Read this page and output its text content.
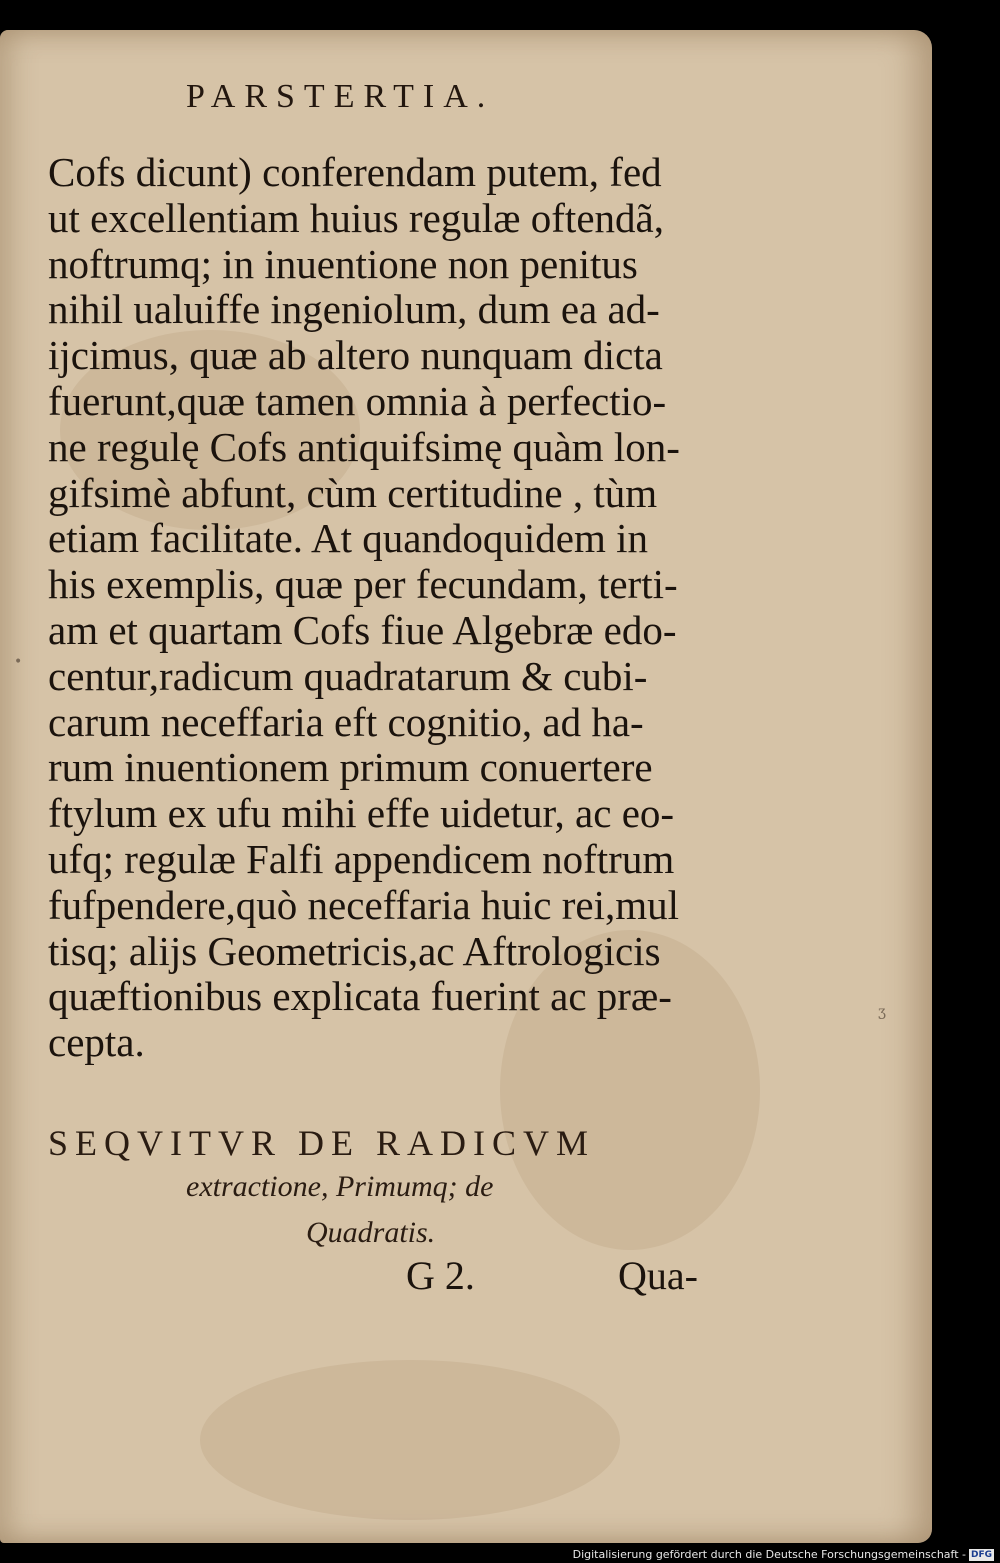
PARSTERTIA.
Cofs dicunt) conferendam putem, fed
ut excellentiam huius regulæ oftendã,
noftrumq; in inuentione non penitus
nihil ualuiffe ingeniolum, dum ea ad-
ijcimus, quæ ab altero nunquam dicta
fuerunt,quæ tamen omnia à perfectio-
ne regulę Cofs antiquifsimę quàm lon-
gifsimè abfunt, cùm certitudine , tùm
etiam facilitate. At quandoquidem in
his exemplis, quæ per fecundam, terti-
am et quartam Cofs fiue Algebræ edo-
centur,radicum quadratarum & cubi-
carum neceffaria eft cognitio, ad ha-
rum inuentionem primum conuertere
ftylum ex ufu mihi effe uidetur, ac eo-
ufq; regulæ Falfi appendicem noftrum
fufpendere,quò neceffaria huic rei,mul
tisq; alijs Geometricis,ac Aftrologicis
quæftionibus explicata fuerint ac præ-
cepta.
•
ʒ
SEQVITVR DE RADICVM
extractione, Primumq; de
Quadratis.
G 2.	Qua-
Digitalisierung gefördert durch die Deutsche Forschungsgemeinschaft - DFG
